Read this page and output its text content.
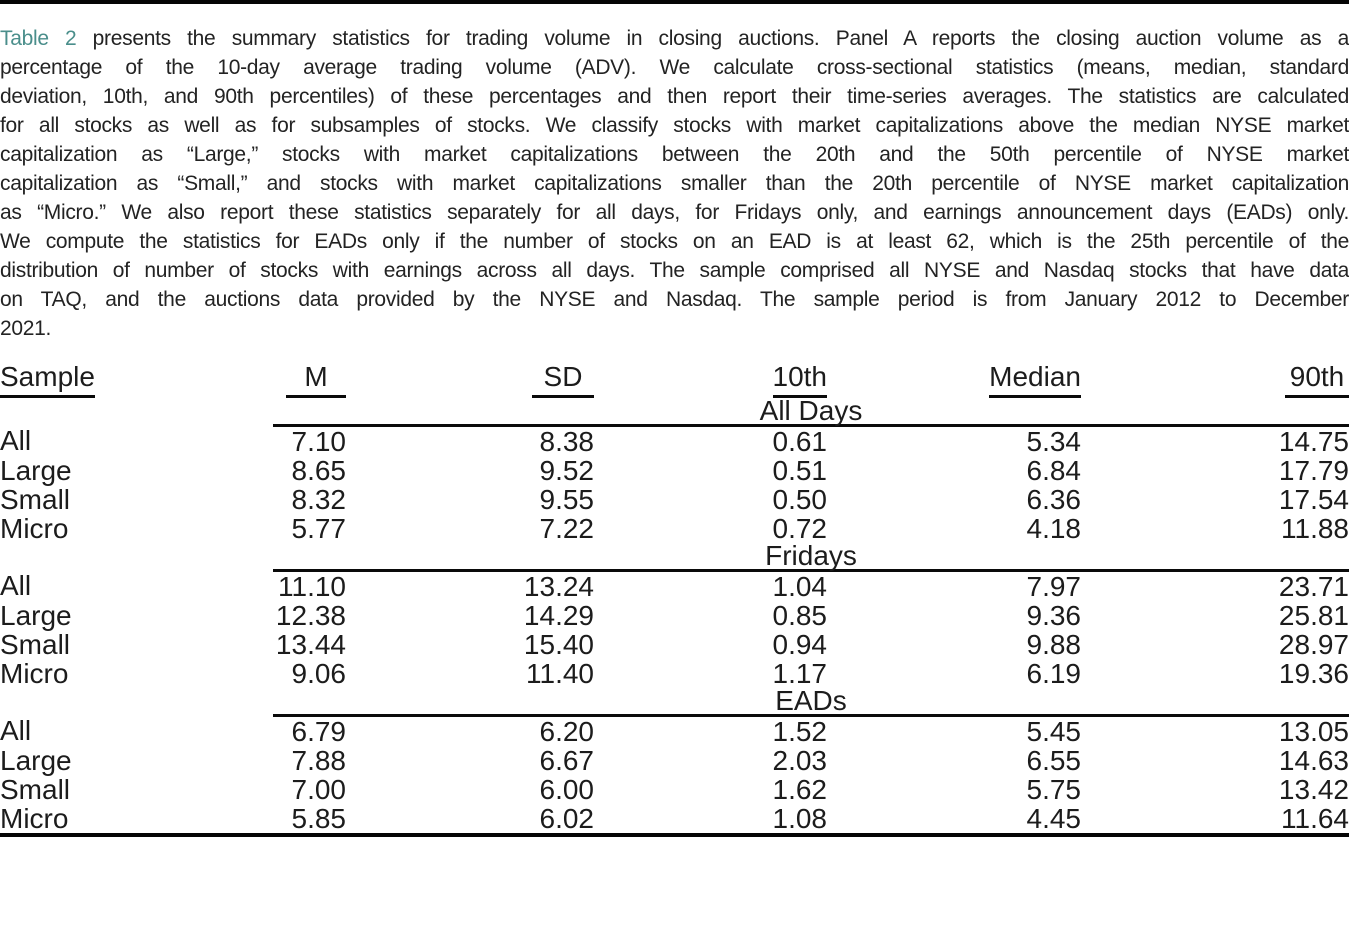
Table 2 presents the summary statistics for trading volume in closing auctions. Panel A reports the closing auction volume as a
percentage of the 10-day average trading volume (ADV). We calculate cross-sectional statistics (means, median, standard
deviation, 10th, and 90th percentiles) of these percentages and then report their time-series averages. The statistics are calculated
for all stocks as well as for subsamples of stocks. We classify stocks with market capitalizations above the median NYSE market
capitalization as “Large,” stocks with market capitalizations between the 20th and the 50th percentile of NYSE market
capitalization as “Small,” and stocks with market capitalizations smaller than the 20th percentile of NYSE market capitalization
as “Micro.” We also report these statistics separately for all days, for Fridays only, and earnings announcement days (EADs) only.
We compute the statistics for EADs only if the number of stocks on an EAD is at least 62, which is the 25th percentile of the
distribution of number of stocks with earnings across all days. The sample comprised all NYSE and Nasdaq stocks that have data
on TAQ, and the auctions data provided by the NYSE and Nasdaq. The sample period is from January 2012 to December
2021.
Sample	M	SD	10th	Median	90th
	All Days				
All	7.10	8.38	0.61	5.34	14.75
Large	8.65	9.52	0.51	6.84	17.79
Small	8.32	9.55	0.50	6.36	17.54
Micro	5.77	7.22	0.72	4.18	11.88
	Fridays				
All	11.10	13.24	1.04	7.97	23.71
Large	12.38	14.29	0.85	9.36	25.81
Small	13.44	15.40	0.94	9.88	28.97
Micro	9.06	11.40	1.17	6.19	19.36
	EADs				
All	6.79	6.20	1.52	5.45	13.05
Large	7.88	6.67	2.03	6.55	14.63
Small	7.00	6.00	1.62	5.75	13.42
Micro	5.85	6.02	1.08	4.45	11.64
